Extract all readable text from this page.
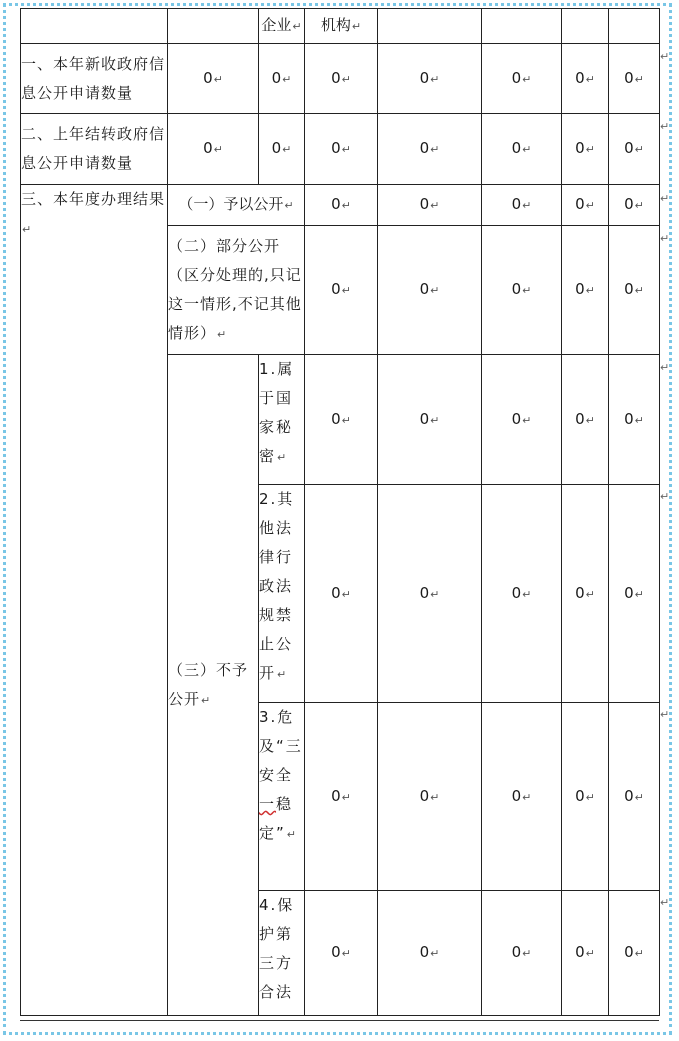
		企业↵	机构↵				
一、本年新收政府信息公开申请数量	0↵	0↵	0↵	0↵	0↵	0↵	0↵
二、上年结转政府信息公开申请数量	0↵	0↵	0↵	0↵	0↵	0↵	0↵
三、本年度办理结果↵	（一）予以公开↵		0↵	0↵	0↵	0↵	0↵
	（二）部分公开（区分处理的,只记这一情形,不记其他情形）↵		0↵	0↵	0↵	0↵	0↵
	（三）不予公开↵	1.属于国家秘密↵	0↵	0↵	0↵	0↵	0↵
		2.其他法律行政法规禁止公开↵	0↵	0↵	0↵	0↵	0↵
		3.危及“三安全一稳定”↵	0↵	0↵	0↵	0↵	0↵
		4.保护第三方合法	0↵	0↵	0↵	0↵	0↵
↵
↵
↵
↵
↵
↵
↵
↵
